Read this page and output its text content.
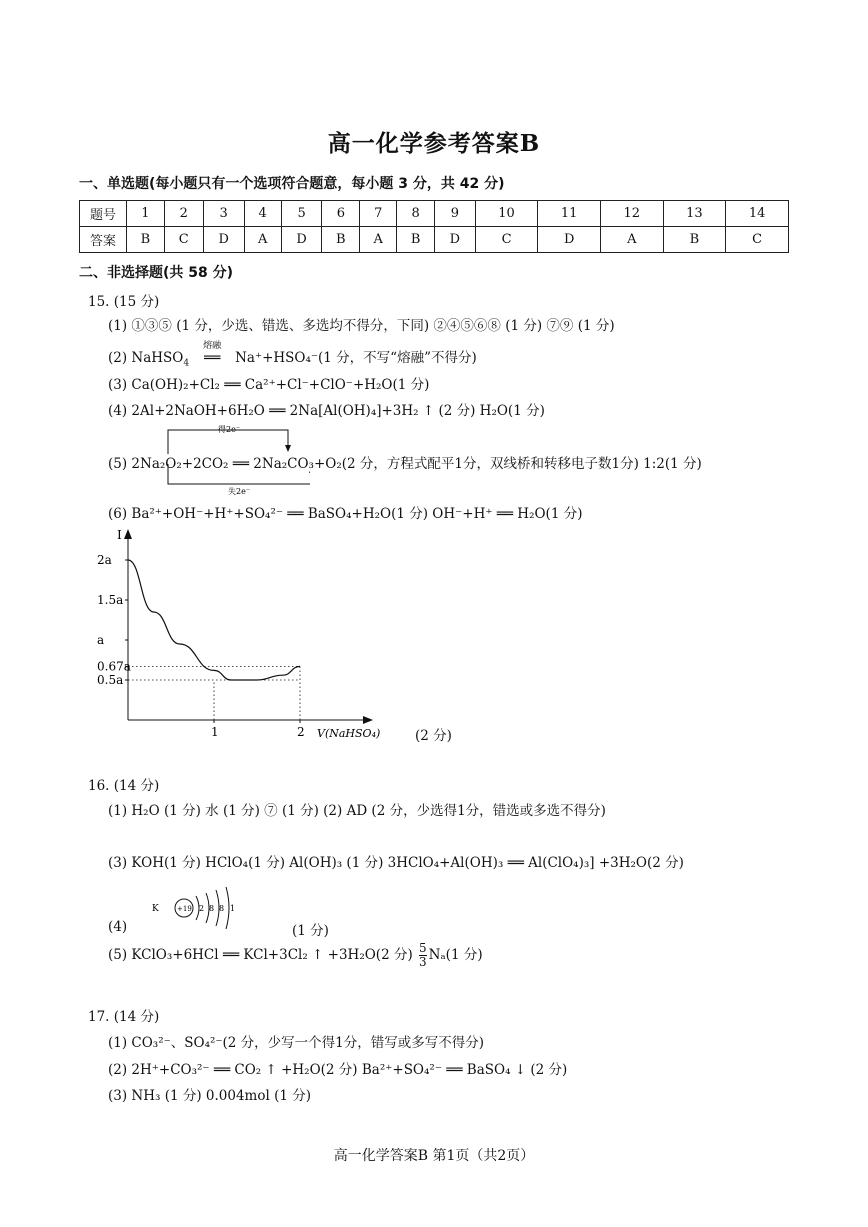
高一化学参考答案B
一、单选题(每小题只有一个选项符合题意，每小题 3 分，共 42 分)
题号	1	2	3	4	5	6	7	8	9	10	11	12	13	14
答案	B	C	D	A	D	B	A	B	D	C	D	A	B	C
二、非选择题(共 58 分)
15. (15 分)
(1) ①③⑤ (1 分，少选、错选、多选均不得分，下同) ②④⑤⑥⑧ (1 分) ⑦⑨ (1 分)
(2) NaHSO$_4$
熔融
══ Na⁺+HSO₄⁻(1 分，不写“熔融”不得分)
(3) Ca(OH)₂+Cl₂ ══ Ca²⁺+Cl⁻+ClO⁻+H₂O(1 分)
(4) 2Al+2NaOH+6H₂O ══ 2Na[Al(OH)₄]+3H₂ ↑ (2 分) H₂O(1 分)
得2e⁻
失2e⁻
(5) 2Na₂O₂+2CO₂ ══ 2Na₂CO₃+O₂(2 分，方程式配平1分，双线桥和转移电子数1分) 1:2(1 分)
(6) Ba²⁺+OH⁻+H⁺+SO₄²⁻ ══ BaSO₄+H₂O(1 分) OH⁻+H⁺ ══ H₂O(1 分)
I
V(NaHSO₄)
2a
1.5a
a
0.67a
0.5a
1	2	(2 分)
16. (14 分)
(1) H₂O (1 分) 水 (1 分) ⑦ (1 分) (2) AD (2 分，少选得1分，错选或多选不得分)
(3) KOH(1 分) HClO₄(1 分) Al(OH)₃ (1 分) 3HClO₄+Al(OH)₃ ══ Al(ClO₄)₃] +3H₂O(2 分)
K	+19 2 8 8 1
(4)	(1 分)
(5) KClO₃+6HCl ══ KCl+3Cl₂ ↑ +3H₂O(2 分) $\frac{5}{3} N_a(1$ 分)
17. (14 分)
(1) CO₃²⁻、SO₄²⁻(2 分，少写一个得1分，错写或多写不得分)
(2) 2H⁺+CO₃²⁻ ══ CO₂ ↑ +H₂O(2 分) Ba²⁺+SO₄²⁻ ══ BaSO₄ ↓ (2 分)
(3) NH₃ (1 分) 0.004mol (1 分)
高一化学答案B 第1页（共2页）
